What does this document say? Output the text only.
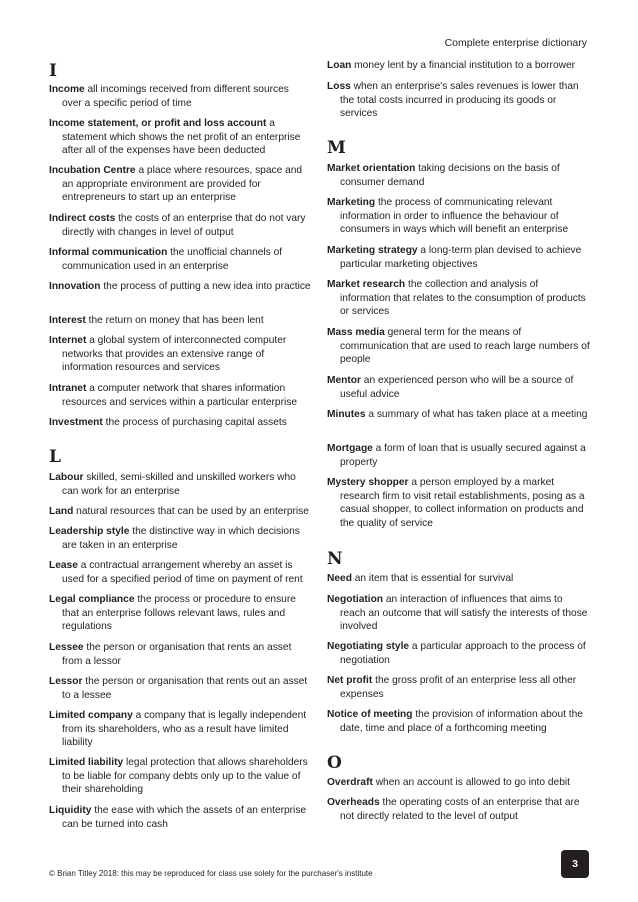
Complete enterprise dictionary
I
Income all incomings received from different sources over a specific period of time
Income statement, or profit and loss account a statement which shows the net profit of an enterprise after all of the expenses have been deducted
Incubation Centre a place where resources, space and an appropriate environment are provided for entrepreneurs to start up an enterprise
Indirect costs the costs of an enterprise that do not vary directly with changes in level of output
Informal communication the unofficial channels of communication used in an enterprise
Innovation the process of putting a new idea into practice
Interest the return on money that has been lent
Internet a global system of interconnected computer networks that provides an extensive range of information resources and services
Intranet a computer network that shares information resources and services within a particular enterprise
Investment the process of purchasing capital assets
L
Labour skilled, semi-skilled and unskilled workers who can work for an enterprise
Land natural resources that can be used by an enterprise
Leadership style the distinctive way in which decisions are taken in an enterprise
Lease a contractual arrangement whereby an asset is used for a specified period of time on payment of rent
Legal compliance the process or procedure to ensure that an enterprise follows relevant laws, rules and regulations
Lessee the person or organisation that rents an asset from a lessor
Lessor the person or organisation that rents out an asset to a lessee
Limited company a company that is legally independent from its shareholders, who as a result have limited liability
Limited liability legal protection that allows shareholders to be liable for company debts only up to the value of their shareholding
Liquidity the ease with which the assets of an enterprise can be turned into cash
Loan money lent by a financial institution to a borrower
Loss when an enterprise's sales revenues is lower than the total costs incurred in producing its goods or services
M
Market orientation taking decisions on the basis of consumer demand
Marketing the process of communicating relevant information in order to influence the behaviour of consumers in ways which will benefit an enterprise
Marketing strategy a long-term plan devised to achieve particular marketing objectives
Market research the collection and analysis of information that relates to the consumption of products or services
Mass media general term for the means of communication that are used to reach large numbers of people
Mentor an experienced person who will be a source of useful advice
Minutes a summary of what has taken place at a meeting
Mortgage a form of loan that is usually secured against a property
Mystery shopper a person employed by a market research firm to visit retail establishments, posing as a casual shopper, to collect information on products and the quality of service
N
Need an item that is essential for survival
Negotiation an interaction of influences that aims to reach an outcome that will satisfy the interests of those involved
Negotiating style a particular approach to the process of negotiation
Net profit the gross profit of an enterprise less all other expenses
Notice of meeting the provision of information about the date, time and place of a forthcoming meeting
O
Overdraft when an account is allowed to go into debit
Overheads the operating costs of an enterprise that are not directly related to the level of output
© Brian Titley 2018: this may be reproduced for class use solely for the purchaser's institute
3
